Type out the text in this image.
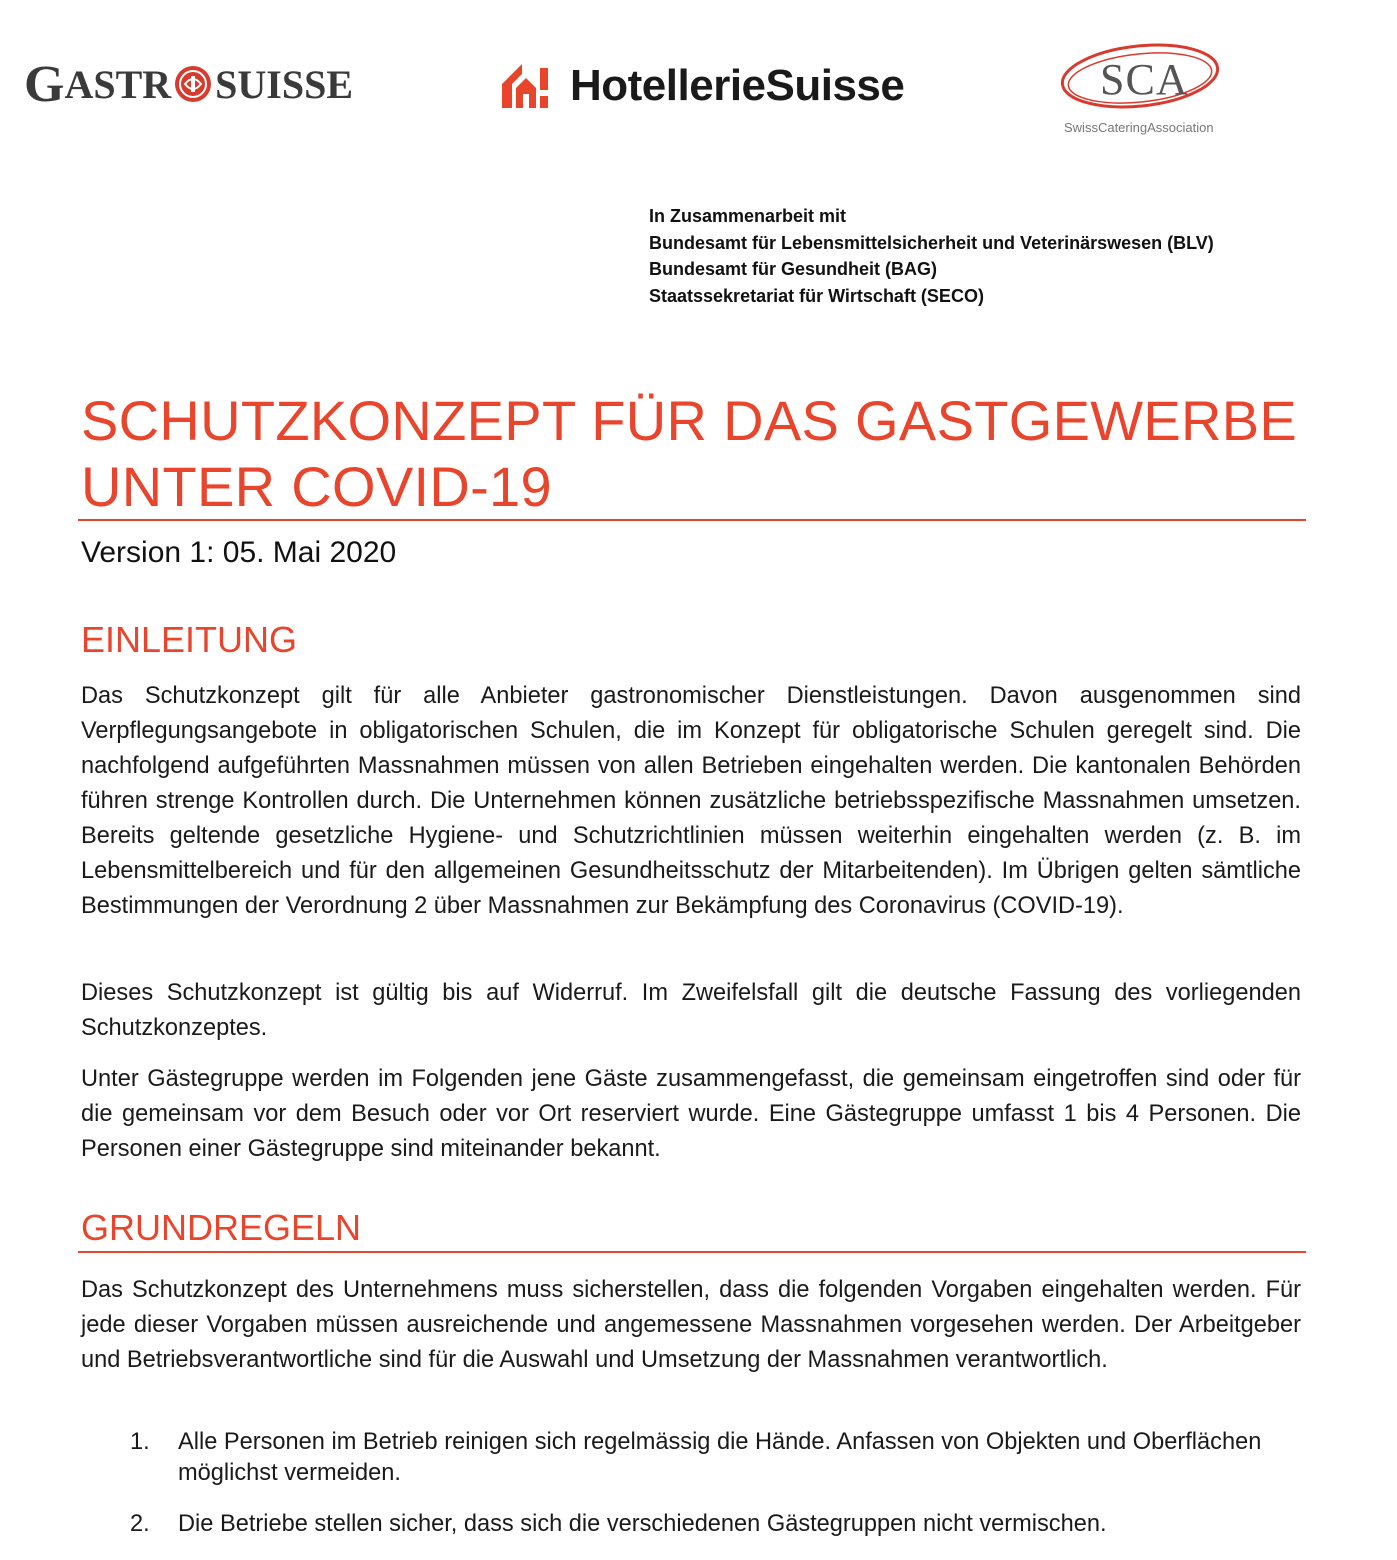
G ASTR SUISSE	HotellerieSuisse	SCA
SwissCateringAssociation
In Zusammenarbeit mit
Bundesamt für Lebensmittelsicherheit und Veterinärswesen (BLV)
Bundesamt für Gesundheit (BAG)
Staatssekretariat für Wirtschaft (SECO)
SCHUTZKONZEPT FÜR DAS GASTGEWERBE
UNTER COVID-19
Version 1: 05. Mai 2020
EINLEITUNG

Das Schutzkonzept gilt für alle Anbieter gastronomischer Dienstleistungen. Davon ausgenommen sind Verpflegungsangebote in obligatorischen Schulen, die im Konzept für obligatorische Schulen geregelt sind. Die nachfolgend aufgeführten Massnahmen müssen von allen Betrieben eingehalten werden. Die kantonalen Behörden führen strenge Kontrollen durch. Die Unternehmen können zusätzliche betriebsspezifische Massnahmen umsetzen. Bereits geltende gesetzliche Hygiene- und Schutzrichtlinien müssen weiterhin eingehalten werden (z. B. im Lebensmittelbereich und für den allgemeinen Gesundheitsschutz der Mitarbeitenden). Im Übrigen gelten sämtliche Bestimmungen der Verordnung 2 über Massnahmen zur Bekämpfung des Coronavirus (COVID-19).

Dieses Schutzkonzept ist gültig bis auf Widerruf. Im Zweifelsfall gilt die deutsche Fassung des vorliegenden Schutzkonzeptes.

Unter Gästegruppe werden im Folgenden jene Gäste zusammengefasst, die gemeinsam eingetroffen sind oder für die gemeinsam vor dem Besuch oder vor Ort reserviert wurde. Eine Gästegruppe umfasst 1 bis 4 Personen. Die Personen einer Gästegruppe sind miteinander bekannt.

GRUNDREGELN

Das Schutzkonzept des Unternehmens muss sicherstellen, dass die folgenden Vorgaben eingehalten werden. Für jede dieser Vorgaben müssen ausreichende und angemessene Massnahmen vorgesehen werden. Der Arbeitgeber und Betriebsverantwortliche sind für die Auswahl und Umsetzung der Massnahmen verantwortlich.

1. Alle Personen im Betrieb reinigen sich regelmässig die Hände. Anfassen von Objekten und Oberflächen möglichst vermeiden.
2. Die Betriebe stellen sicher, dass sich die verschiedenen Gästegruppen nicht vermischen.
